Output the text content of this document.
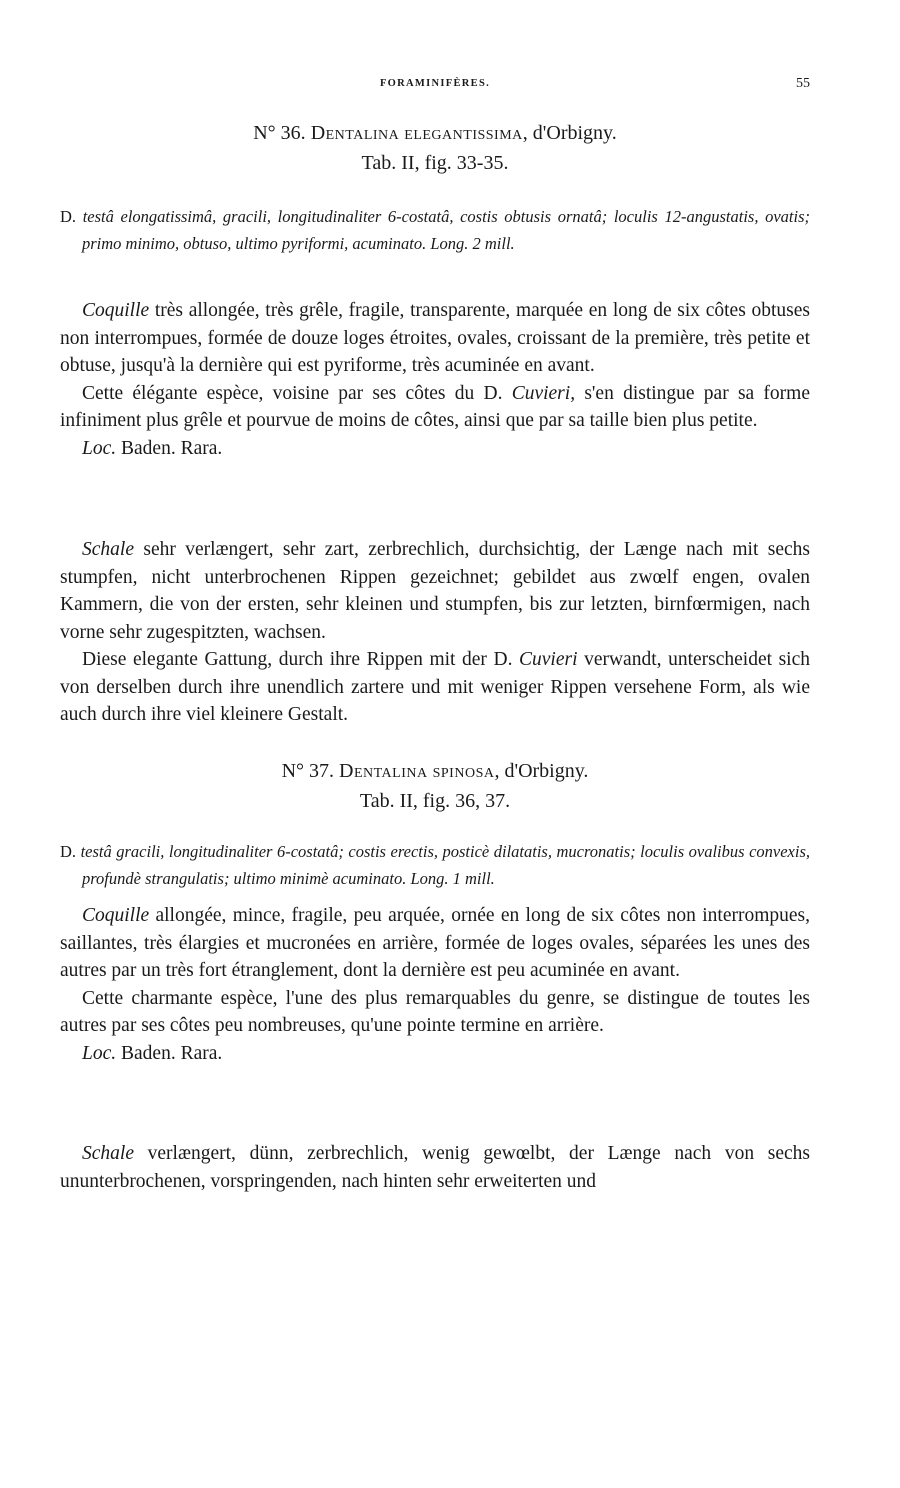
FORAMINIFÈRES.	55
N° 36. Dentalina elegantissima, d'Orbigny.
Tab. II, fig. 33-35.
D. testâ elongatissimâ, gracili, longitudinaliter 6-costatâ, costis obtusis ornatâ; loculis 12-angustatis, ovatis; primo minimo, obtuso, ultimo pyriformi, acuminato. Long. 2 mill.

Coquille très allongée, très grêle, fragile, transparente, marquée en long de six côtes obtuses non interrompues, formée de douze loges étroites, ovales, croissant de la première, très petite et obtuse, jusqu'à la dernière qui est pyriforme, très acuminée en avant.

Cette élégante espèce, voisine par ses côtes du D. Cuvieri, s'en distingue par sa forme infiniment plus grêle et pourvue de moins de côtes, ainsi que par sa taille bien plus petite.

Loc. Baden. Rara.

Schale sehr verlængert, sehr zart, zerbrechlich, durchsichtig, der Længe nach mit sechs stumpfen, nicht unterbrochenen Rippen gezeichnet; gebildet aus zwœlf engen, ovalen Kammern, die von der ersten, sehr kleinen und stumpfen, bis zur letzten, birnfœrmigen, nach vorne sehr zugespitzten, wachsen.

Diese elegante Gattung, durch ihre Rippen mit der D. Cuvieri verwandt, unterscheidet sich von derselben durch ihre unendlich zartere und mit weniger Rippen versehene Form, als wie auch durch ihre viel kleinere Gestalt.

N° 37. Dentalina spinosa, d'Orbigny.
Tab. II, fig. 36, 37.
D. testâ gracili, longitudinaliter 6-costatâ; costis erectis, posticè dilatatis, mucronatis; loculis ovalibus convexis, profundè strangulatis; ultimo minimè acuminato. Long. 1 mill.

Coquille allongée, mince, fragile, peu arquée, ornée en long de six côtes non interrompues, saillantes, très élargies et mucronées en arrière, formée de loges ovales, séparées les unes des autres par un très fort étranglement, dont la dernière est peu acuminée en avant.

Cette charmante espèce, l'une des plus remarquables du genre, se distingue de toutes les autres par ses côtes peu nombreuses, qu'une pointe termine en arrière.

Loc. Baden. Rara.

Schale verlængert, dünn, zerbrechlich, wenig gewœlbt, der Længe nach von sechs ununterbrochenen, vorspringenden, nach hinten sehr erweiterten und
